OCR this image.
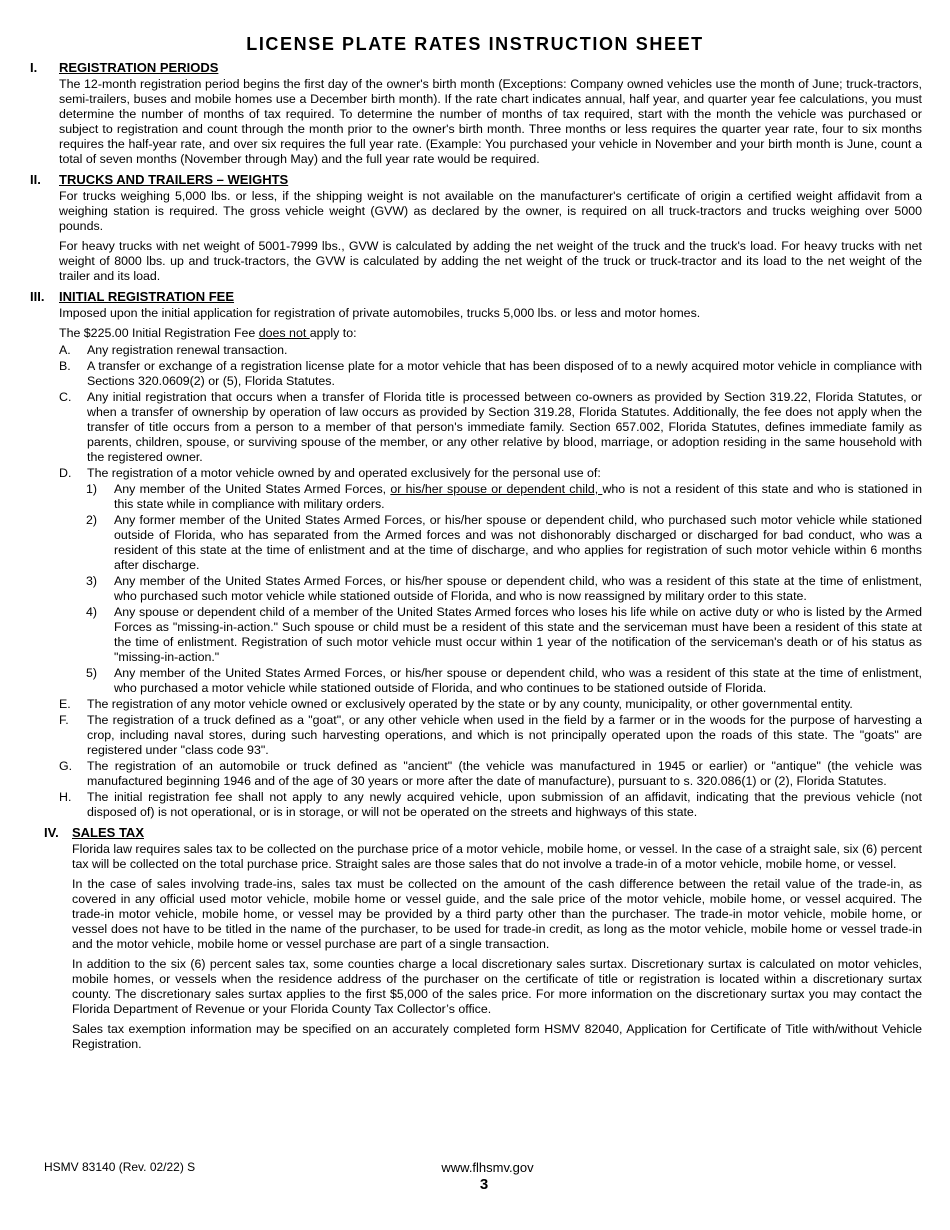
LICENSE PLATE RATES INSTRUCTION SHEET
I. REGISTRATION PERIODS

The 12-month registration period begins the first day of the owner's birth month (Exceptions: Company owned vehicles use the month of June; truck-tractors, semi-trailers, buses and mobile homes use a December birth month). If the rate chart indicates annual, half year, and quarter year fee calculations, you must determine the number of months of tax required. To determine the number of months of tax required, start with the month the vehicle was purchased or subject to registration and count through the month prior to the owner's birth month. Three months or less requires the quarter year rate, four to six months requires the half-year rate, and over six requires the full year rate. (Example: You purchased your vehicle in November and your birth month is June, count a total of seven months (November through May) and the full year rate would be required.

II. TRUCKS AND TRAILERS – WEIGHTS

For trucks weighing 5,000 lbs. or less, if the shipping weight is not available on the manufacturer's certificate of origin a certified weight affidavit from a weighing station is required. The gross vehicle weight (GVW) as declared by the owner, is required on all truck-tractors and trucks weighing over 5000 pounds.

For heavy trucks with net weight of 5001-7999 lbs., GVW is calculated by adding the net weight of the truck and the truck's load. For heavy trucks with net weight of 8000 lbs. up and truck-tractors, the GVW is calculated by adding the net weight of the truck or truck-tractor and its load to the net weight of the trailer and its load.

III. INITIAL REGISTRATION FEE

Imposed upon the initial application for registration of private automobiles, trucks 5,000 lbs. or less and motor homes.

The $225.00 Initial Registration Fee does not apply to:

A. Any registration renewal transaction.
B. A transfer or exchange of a registration license plate for a motor vehicle that has been disposed of to a newly acquired motor vehicle in compliance with Sections 320.0609(2) or (5), Florida Statutes.
C. Any initial registration that occurs when a transfer of Florida title is processed between co-owners as provided by Section 319.22, Florida Statutes, or when a transfer of ownership by operation of law occurs as provided by Section 319.28, Florida Statutes. Additionally, the fee does not apply when the transfer of title occurs from a person to a member of that person's immediate family. Section 657.002, Florida Statutes, defines immediate family as parents, children, spouse, or surviving spouse of the member, or any other relative by blood, marriage, or adoption residing in the same household with the registered owner.
D. The registration of a motor vehicle owned by and operated exclusively for the personal use of:
1) Any member of the United States Armed Forces, or his/her spouse or dependent child, who is not a resident of this state and who is stationed in this state while in compliance with military orders.
2) Any former member of the United States Armed Forces, or his/her spouse or dependent child, who purchased such motor vehicle while stationed outside of Florida, who has separated from the Armed forces and was not dishonorably discharged or discharged for bad conduct, who was a resident of this state at the time of enlistment and at the time of discharge, and who applies for registration of such motor vehicle within 6 months after discharge.
3) Any member of the United States Armed Forces, or his/her spouse or dependent child, who was a resident of this state at the time of enlistment, who purchased such motor vehicle while stationed outside of Florida, and who is now reassigned by military order to this state.
4) Any spouse or dependent child of a member of the United States Armed forces who loses his life while on active duty or who is listed by the Armed Forces as "missing-in-action." Such spouse or child must be a resident of this state and the serviceman must have been a resident of this state at the time of enlistment. Registration of such motor vehicle must occur within 1 year of the notification of the serviceman's death or of his status as "missing-in-action."
5) Any member of the United States Armed Forces, or his/her spouse or dependent child, who was a resident of this state at the time of enlistment, who purchased a motor vehicle while stationed outside of Florida, and who continues to be stationed outside of Florida.
E. The registration of any motor vehicle owned or exclusively operated by the state or by any county, municipality, or other governmental entity.
F. The registration of a truck defined as a "goat", or any other vehicle when used in the field by a farmer or in the woods for the purpose of harvesting a crop, including naval stores, during such harvesting operations, and which is not principally operated upon the roads of this state. The "goats" are registered under "class code 93".
G. The registration of an automobile or truck defined as "ancient" (the vehicle was manufactured in 1945 or earlier) or "antique" (the vehicle was manufactured beginning 1946 and of the age of 30 years or more after the date of manufacture), pursuant to s. 320.086(1) or (2), Florida Statutes.
H. The initial registration fee shall not apply to any newly acquired vehicle, upon submission of an affidavit, indicating that the previous vehicle (not disposed of) is not operational, or is in storage, or will not be operated on the streets and highways of this state.
IV. SALES TAX

Florida law requires sales tax to be collected on the purchase price of a motor vehicle, mobile home, or vessel. In the case of a straight sale, six (6) percent tax will be collected on the total purchase price. Straight sales are those sales that do not involve a trade-in of a motor vehicle, mobile home, or vessel.

In the case of sales involving trade-ins, sales tax must be collected on the amount of the cash difference between the retail value of the trade-in, as covered in any official used motor vehicle, mobile home or vessel guide, and the sale price of the motor vehicle, mobile home, or vessel acquired. The trade-in motor vehicle, mobile home, or vessel may be provided by a third party other than the purchaser. The trade-in motor vehicle, mobile home, or vessel does not have to be titled in the name of the purchaser, to be used for trade-in credit, as long as the motor vehicle, mobile home or vessel trade-in and the motor vehicle, mobile home or vessel purchase are part of a single transaction.

In addition to the six (6) percent sales tax, some counties charge a local discretionary sales surtax. Discretionary surtax is calculated on motor vehicles, mobile homes, or vessels when the residence address of the purchaser on the certificate of title or registration is located within a discretionary surtax county. The discretionary sales surtax applies to the first $5,000 of the sales price. For more information on the discretionary surtax you may contact the Florida Department of Revenue or your Florida County Tax Collector’s office.

Sales tax exemption information may be specified on an accurately completed form HSMV 82040, Application for Certificate of Title with/without Vehicle Registration.

HSMV 83140 (Rev. 02/22) S	www.flhsmv.gov
3
